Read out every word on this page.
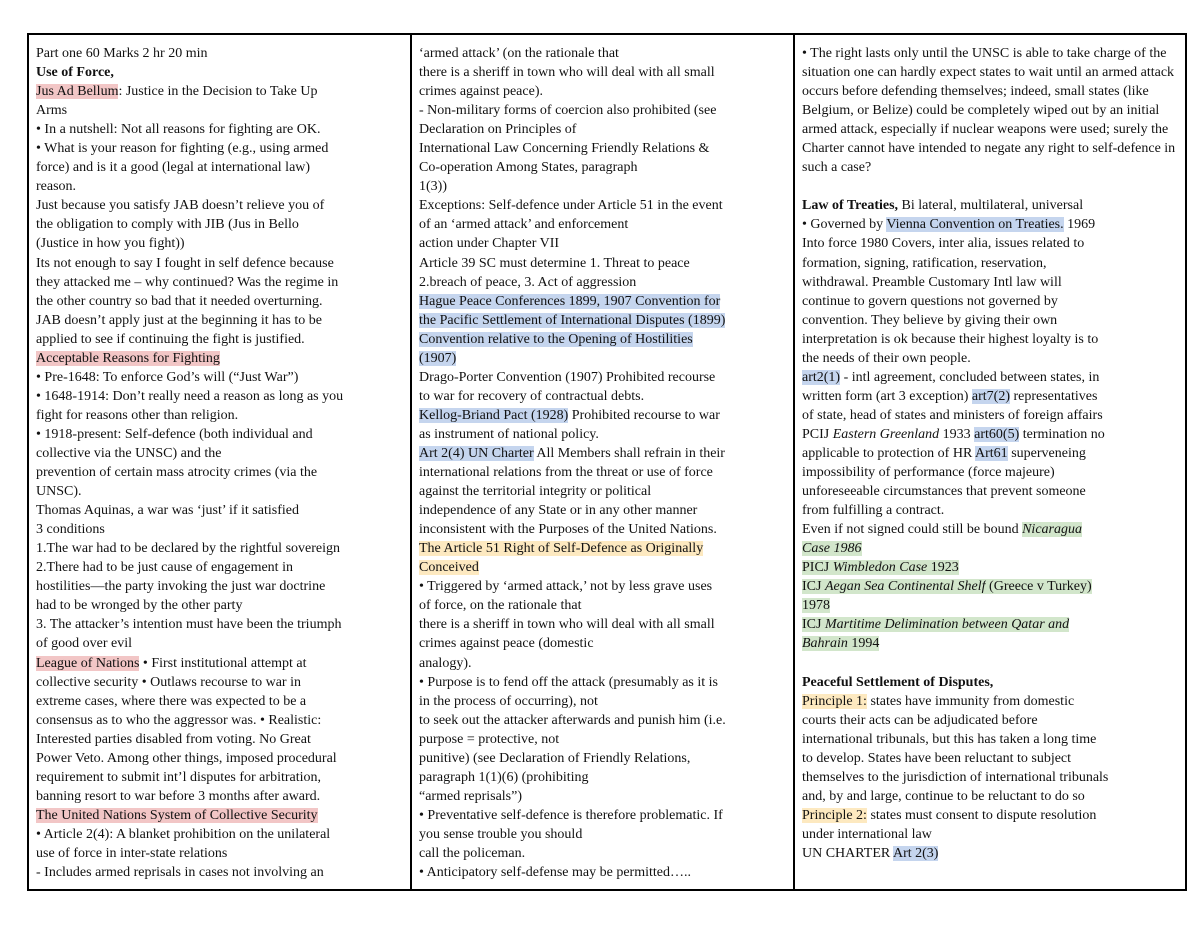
Part one 60 Marks 2 hr 20 min
Use of Force,
Jus Ad Bellum: Justice in the Decision to Take Up
Arms
• In a nutshell: Not all reasons for fighting are OK.
• What is your reason for fighting (e.g., using armed
force) and is it a good (legal at international law)
reason.
Just because you satisfy JAB doesn’t relieve you of
the obligation to comply with JIB (Jus in Bello
(Justice in how you fight))
Its not enough to say I fought in self defence because
they attacked me – why continued? Was the regime in
the other country so bad that it needed overturning.
JAB doesn’t apply just at the beginning it has to be
applied to see if continuing the fight is justified.
Acceptable Reasons for Fighting
• Pre-1648: To enforce God’s will (“Just War”)
• 1648-1914: Don’t really need a reason as long as you
fight for reasons other than religion.
• 1918-present: Self-defence (both individual and
collective via the UNSC) and the
prevention of certain mass atrocity crimes (via the
UNSC).
Thomas Aquinas, a war was ‘just’ if it satisfied
3 conditions
1.The war had to be declared by the rightful sovereign
2.There had to be just cause of engagement in
hostilities—the party invoking the just war doctrine
had to be wronged by the other party
3. The attacker’s intention must have been the triumph
of good over evil
League of Nations • First institutional attempt at
collective security • Outlaws recourse to war in
extreme cases, where there was expected to be a
consensus as to who the aggressor was. • Realistic:
Interested parties disabled from voting. No Great
Power Veto. Among other things, imposed procedural
requirement to submit int’l disputes for arbitration,
banning resort to war before 3 months after award.
The United Nations System of Collective Security
• Article 2(4): A blanket prohibition on the unilateral
use of force in inter-state relations
- Includes armed reprisals in cases not involving an
‘armed attack’ (on the rationale that
there is a sheriff in town who will deal with all small
crimes against peace).
- Non-military forms of coercion also prohibited (see
Declaration on Principles of
International Law Concerning Friendly Relations &
Co-operation Among States, paragraph
1(3))
Exceptions: Self-defence under Article 51 in the event
of an ‘armed attack’ and enforcement
action under Chapter VII
Article 39 SC must determine 1. Threat to peace
2.breach of peace, 3. Act of aggression
Hague Peace Conferences 1899, 1907 Convention for
the Pacific Settlement of International Disputes (1899)
Convention relative to the Opening of Hostilities
(1907)
Drago-Porter Convention (1907) Prohibited recourse
to war for recovery of contractual debts.
Kellog-Briand Pact (1928) Prohibited recourse to war
as instrument of national policy.
Art 2(4) UN Charter All Members shall refrain in their
international relations from the threat or use of force
against the territorial integrity or political
independence of any State or in any other manner
inconsistent with the Purposes of the United Nations.
The Article 51 Right of Self-Defence as Originally
Conceived
• Triggered by ‘armed attack,’ not by less grave uses
of force, on the rationale that
there is a sheriff in town who will deal with all small
crimes against peace (domestic
analogy).
• Purpose is to fend off the attack (presumably as it is
in the process of occurring), not
to seek out the attacker afterwards and punish him (i.e.
purpose = protective, not
punitive) (see Declaration of Friendly Relations,
paragraph 1(1)(6) (prohibiting
“armed reprisals”)
• Preventative self-defence is therefore problematic. If
you sense trouble you should
call the policeman.
• Anticipatory self-defense may be permitted…..
• The right lasts only until the UNSC is able to take charge of the
situation one can hardly expect states to wait until an armed attack
occurs before defending themselves; indeed, small states (like
Belgium, or Belize) could be completely wiped out by an initial
armed attack, especially if nuclear weapons were used; surely the
Charter cannot have intended to negate any right to self-defence in
such a case?
Law of Treaties, Bi lateral, multilateral, universal
• Governed by Vienna Convention on Treaties. 1969
Into force 1980 Covers, inter alia, issues related to
formation, signing, ratification, reservation,
withdrawal. Preamble Customary Intl law will
continue to govern questions not governed by
convention. They believe by giving their own
interpretation is ok because their highest loyalty is to
the needs of their own people.
art2(1) - intl agreement, concluded between states, in
written form (art 3 exception) art7(2) representatives
of state, head of states and ministers of foreign affairs
PCIJ Eastern Greenland 1933 art60(5) termination no
applicable to protection of HR Art61 superveneing
impossibility of performance (force majeure)
unforeseeable circumstances that prevent someone
from fulfilling a contract.
Even if not signed could still be bound Nicaragua
Case 1986
PICJ Wimbledon Case 1923
ICJ Aegan Sea Continental Shelf (Greece v Turkey)
1978
ICJ Martitime Delimination between Qatar and
Bahrain 1994
Peaceful Settlement of Disputes,
Principle 1: states have immunity from domestic
courts their acts can be adjudicated before
international tribunals, but this has taken a long time
to develop. States have been reluctant to subject
themselves to the jurisdiction of international tribunals
and, by and large, continue to be reluctant to do so
Principle 2: states must consent to dispute resolution
under international law
UN CHARTER Art 2(3)
